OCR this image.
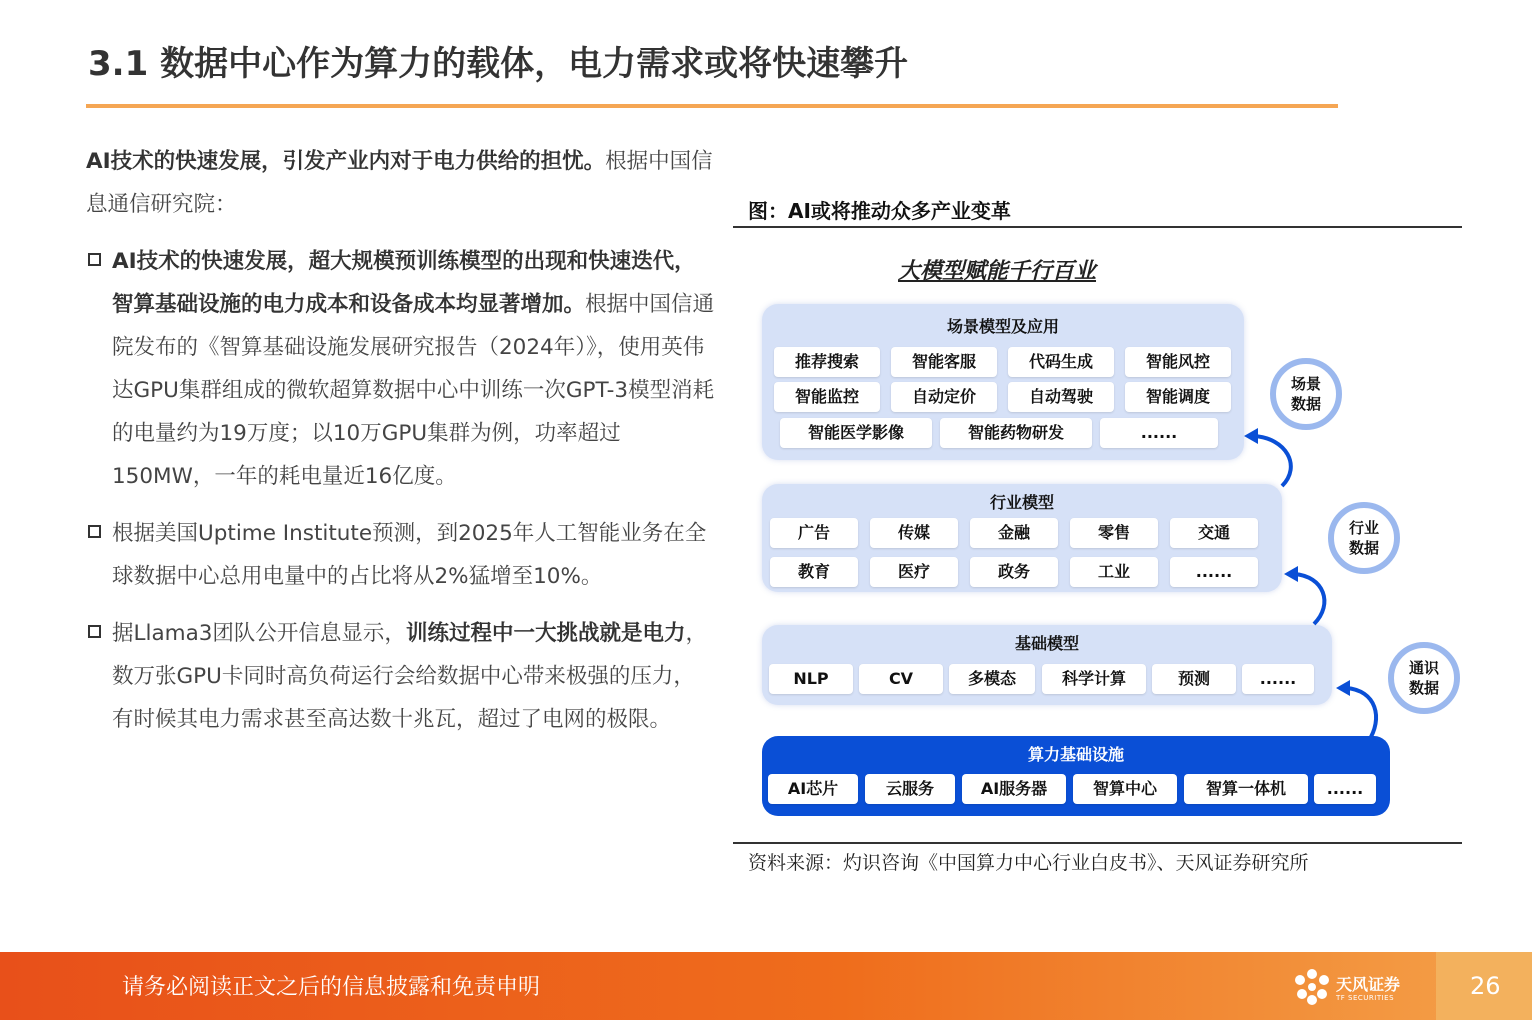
3.1 数据中心作为算力的载体，电力需求或将快速攀升
AI技术的快速发展，引发产业内对于电力供给的担忧。根据中国信息通信研究院：
AI技术的快速发展，超大规模预训练模型的出现和快速迭代，智算基础设施的电力成本和设备成本均显著增加。根据中国信通院发布的《智算基础设施发展研究报告（2024年）》，使用英伟达GPU集群组成的微软超算数据中心中训练一次GPT-3模型消耗的电量约为19万度；以10万GPU集群为例，功率超过150MW，一年的耗电量近16亿度。
根据美国Uptime Institute预测，到2025年人工智能业务在全球数据中心总用电量中的占比将从2%猛增至10%。
据Llama3团队公开信息显示，训练过程中一大挑战就是电力，数万张GPU卡同时高负荷运行会给数据中心带来极强的压力，有时候其电力需求甚至高达数十兆瓦，超过了电网的极限。
图：AI或将推动众多产业变革
大模型赋能千行百业
场景模型及应用
推荐搜索	智能客服	代码生成	智能风控
智能监控	自动定价	自动驾驶	智能调度
智能医学影像	智能药物研发	......
行业模型
广告	传媒	金融	零售	交通
教育	医疗	政务	工业	......
基础模型
NLP	CV	多模态	科学计算	预测	......
算力基础设施
AI芯片	云服务	AI服务器	智算中心	智算一体机	......
场景
数据
行业
数据
通识
数据
资料来源：灼识咨询《中国算力中心行业白皮书》、天风证券研究所
请务必阅读正文之后的信息披露和免责申明	天风证券
TF SECURITIES	26
